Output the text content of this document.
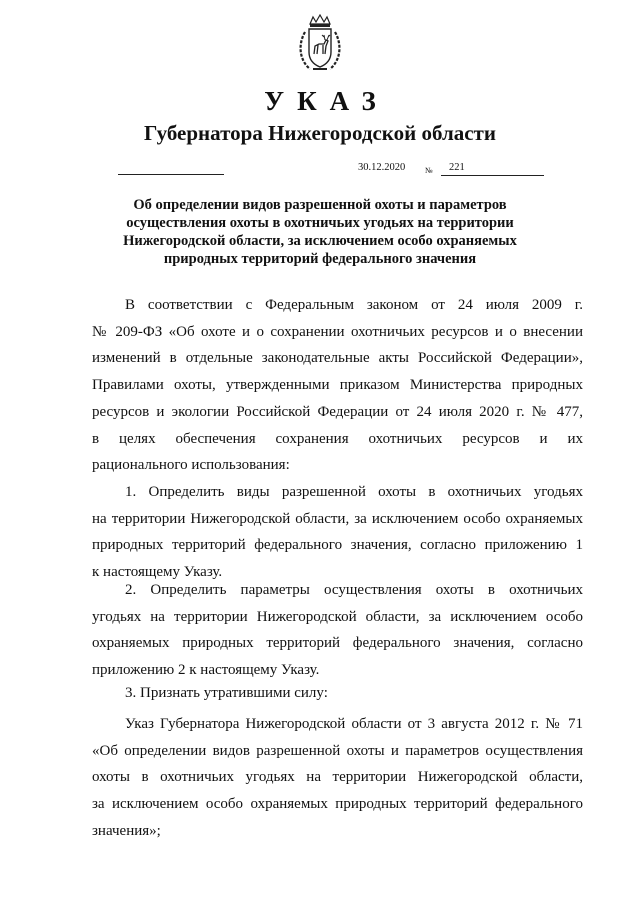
УКАЗ
Губернатора Нижегородской области
30.12.2020 № 221
Об определении видов разрешенной охоты и параметров
осуществления охоты в охотничьих угодьях на территории
Нижегородской области, за исключением особо охраняемых
природных территорий федерального значения
В соответствии с Федеральным законом от 24 июля 2009 г.
№ 209-ФЗ «Об охоте и о сохранении охотничьих ресурсов и о внесении
изменений в отдельные законодательные акты Российской Федерации»,
Правилами охоты, утвержденными приказом Министерства природных
ресурсов и экологии Российской Федерации от 24 июля 2020 г. № 477,
в целях обеспечения сохранения охотничьих ресурсов и их
рационального использования:
1. Определить виды разрешенной охоты в охотничьих угодьях
на территории Нижегородской области, за исключением особо охраняемых
природных территорий федерального значения, согласно приложению 1
к настоящему Указу.
2. Определить параметры осуществления охоты в охотничьих
угодьях на территории Нижегородской области, за исключением особо
охраняемых природных территорий федерального значения, согласно
приложению 2 к настоящему Указу.
3. Признать утратившими силу:
Указ Губернатора Нижегородской области от 3 августа 2012 г. № 71
«Об определении видов разрешенной охоты и параметров осуществления
охоты в охотничьих угодьях на территории Нижегородской области,
за исключением особо охраняемых природных территорий федерального
значения»;
